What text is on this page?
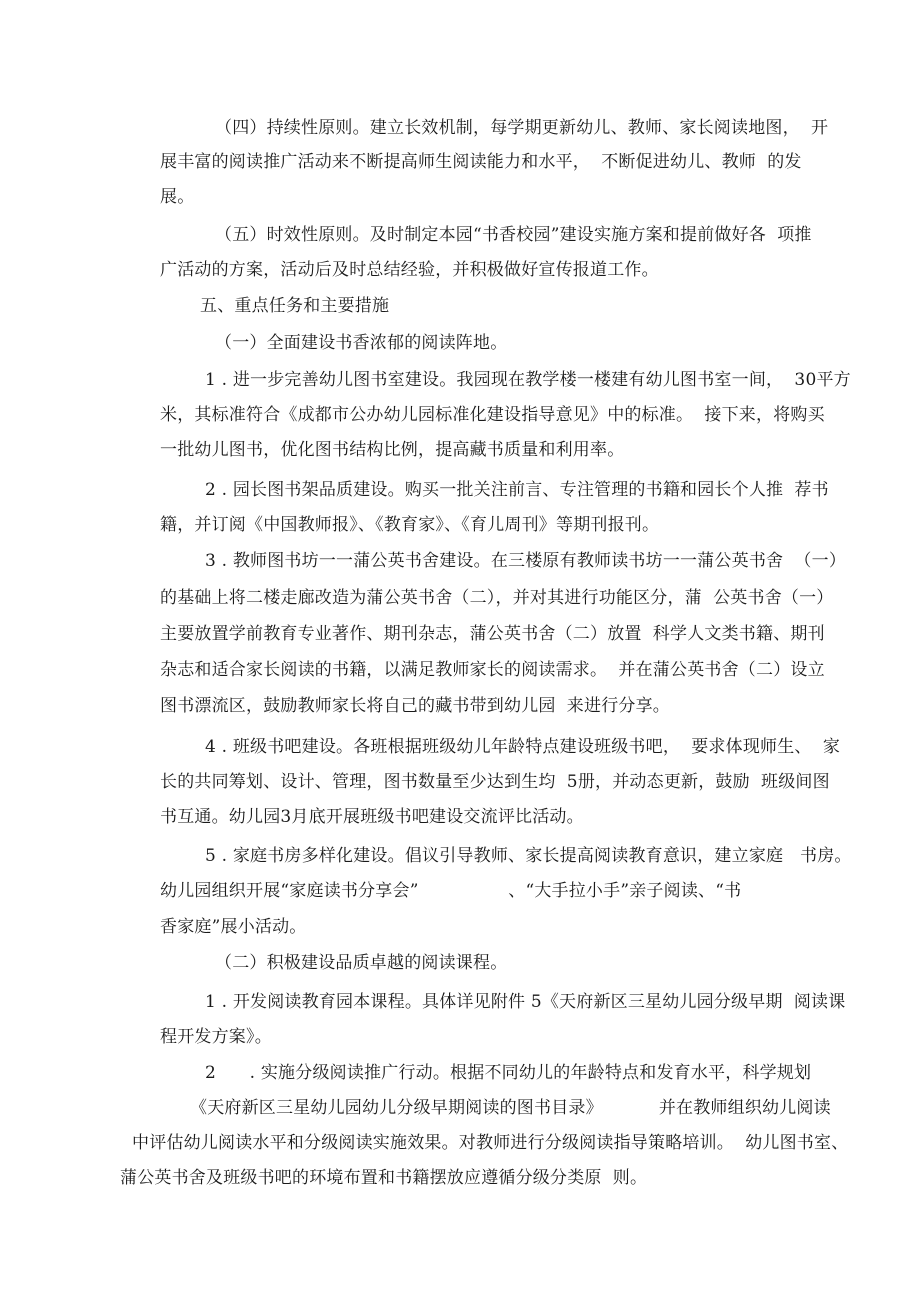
（四）持续性原则。建立长效机制，每学期更新幼儿、教师、家长阅读地图，  开
展丰富的阅读推广活动来不断提高师生阅读能力和水平，  不断促进幼儿、教师  的发
展。
（五）时效性原则。及时制定本园“书香校园”建设实施方案和提前做好各  项推
广活动的方案，活动后及时总结经验，并积极做好宣传报道工作。
五、重点任务和主要措施
（一）全面建设书香浓郁的阅读阵地。
1 . 进一步完善幼儿图书室建设。我园现在教学楼一楼建有幼儿图书室一间，  30平方
米，其标准符合《成都市公办幼儿园标准化建设指导意见》中的标准。  接下来，将购买
一批幼儿图书，优化图书结构比例，提高藏书质量和利用率。
2 . 园长图书架品质建设。购买一批关注前言、专注管理的书籍和园长个人推  荐书
籍，并订阅《中国教师报》、《教育家》、《育儿周刊》等期刊报刊。
3 . 教师图书坊一一蒲公英书舍建设。在三楼原有教师读书坊一一蒲公英书舍  （一）
的基础上将二楼走廊改造为蒲公英书舍（二），并对其进行功能区分，蒲  公英书舍（一）
主要放置学前教育专业著作、期刊杂志，蒲公英书舍（二）放置  科学人文类书籍、期刊
杂志和适合家长阅读的书籍，以满足教师家长的阅读需求。  并在蒲公英书舍（二）设立
图书漂流区，鼓励教师家长将自己的藏书带到幼儿园  来进行分享。
4 . 班级书吧建设。各班根据班级幼儿年龄特点建设班级书吧，  要求体现师生、  家
长的共同筹划、设计、管理，图书数量至少达到生均  5册，并动态更新，鼓励  班级间图
书互通。幼儿园3月底开展班级书吧建设交流评比活动。
5 . 家庭书房多样化建设。倡议引导教师、家长提高阅读教育意识，建立家庭   书房。
幼儿园组织开展“家庭读书分享会”                、“大手拉小手”亲子阅读、“书
香家庭”展小活动。
（二）积极建设品质卓越的阅读课程。
1 . 开发阅读教育园本课程。具体详见附件 5《天府新区三星幼儿园分级早期  阅读课
程开发方案》。
2      . 实施分级阅读推广行动。根据不同幼儿的年龄特点和发育水平，科学规划
《天府新区三星幼儿园幼儿分级早期阅读的图书目录》          并在教师组织幼儿阅读
中评估幼儿阅读水平和分级阅读实施效果。对教师进行分级阅读指导策略培训。  幼儿图书室、
蒲公英书舍及班级书吧的环境布置和书籍摆放应遵循分级分类原  则。
